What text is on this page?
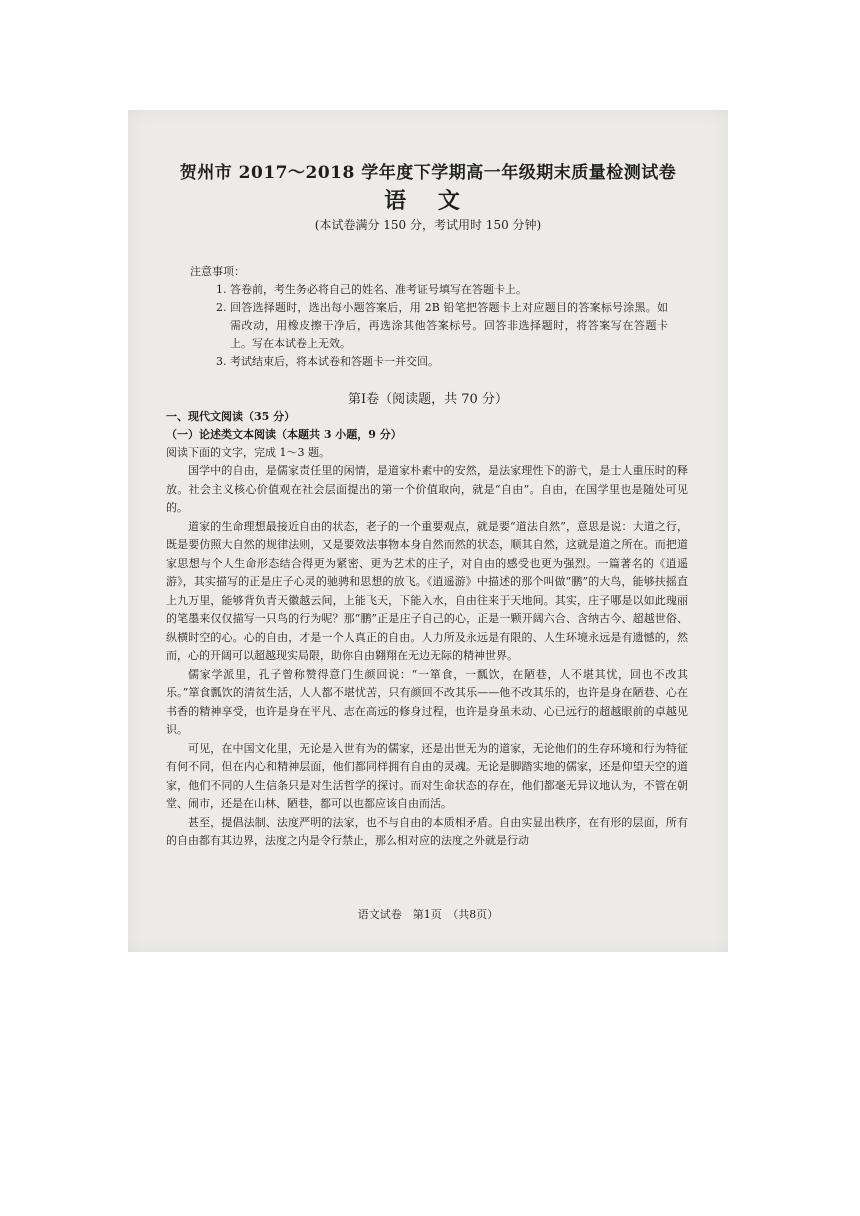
贺州市 2017～2018 学年度下学期高一年级期末质量检测试卷
语 文
(本试卷满分 150 分，考试用时 150 分钟)
注意事项：
1. 答卷前，考生务必将自己的姓名、准考证号填写在答题卡上。
2. 回答选择题时，选出每小题答案后，用 2B 铅笔把答题卡上对应题目的答案标号涂黑。如需改动，用橡皮擦干净后，再选涂其他答案标号。回答非选择题时，将答案写在答题卡上。写在本试卷上无效。
3. 考试结束后，将本试卷和答题卡一并交回。
第Ⅰ卷（阅读题，共 70 分）
一、现代文阅读（35 分）
（一）论述类文本阅读（本题共 3 小题，9 分）
阅读下面的文字，完成 1～3 题。

国学中的自由，是儒家责任里的闲情，是道家朴素中的安然，是法家理性下的游弋，是士人重压时的释放。社会主义核心价值观在社会层面提出的第一个价值取向，就是“自由”。自由，在国学里也是随处可见的。

道家的生命理想最接近自由的状态，老子的一个重要观点，就是要“道法自然”，意思是说：大道之行，既是要仿照大自然的规律法则，又是要效法事物本身自然而然的状态，顺其自然，这就是道之所在。而把道家思想与个人生命形态结合得更为紧密、更为艺术的庄子，对自由的感受也更为强烈。一篇著名的《逍遥游》，其实描写的正是庄子心灵的驰骋和思想的放飞。《逍遥游》中描述的那个叫做“鹏”的大鸟，能够扶摇直上九万里，能够背负青天徽越云间，上能飞天，下能入水，自由往来于天地间。其实，庄子哪是以如此瑰丽的笔墨来仅仅描写一只鸟的行为呢？那“鹏”正是庄子自己的心，正是一颗开阔六合、含纳古今、超越世俗、纵横时空的心。心的自由，才是一个人真正的自由。人力所及永远是有限的、人生环境永远是有遗憾的，然而，心的开阔可以超越现实局限，助你自由翱翔在无边无际的精神世界。

儒家学派里，孔子曾称赞得意门生颜回说：“一箪食，一瓢饮，在陋巷，人不堪其忧，回也不改其乐。”箪食瓢饮的清贫生活，人人都不堪忧苦，只有颜回不改其乐——他不改其乐的，也许是身在陋巷、心在书香的精神享受，也许是身在平凡、志在高远的修身过程，也许是身虽未动、心已远行的超越眼前的卓越见识。

可见，在中国文化里，无论是入世有为的儒家，还是出世无为的道家，无论他们的生存环境和行为特征有何不同，但在内心和精神层面，他们都同样拥有自由的灵魂。无论是脚踏实地的儒家，还是仰望天空的道家，他们不同的人生信条只是对生活哲学的探讨。而对生命状态的存在，他们都毫无异议地认为，不管在朝堂、闹市，还是在山林、陋巷，都可以也都应该自由而活。

甚至，提倡法制、法度严明的法家，也不与自由的本质相矛盾。自由实显出秩序，在有形的层面，所有的自由都有其边界，法度之内是令行禁止，那么相对应的法度之外就是行动

语文试卷　第1页　（共8页）
